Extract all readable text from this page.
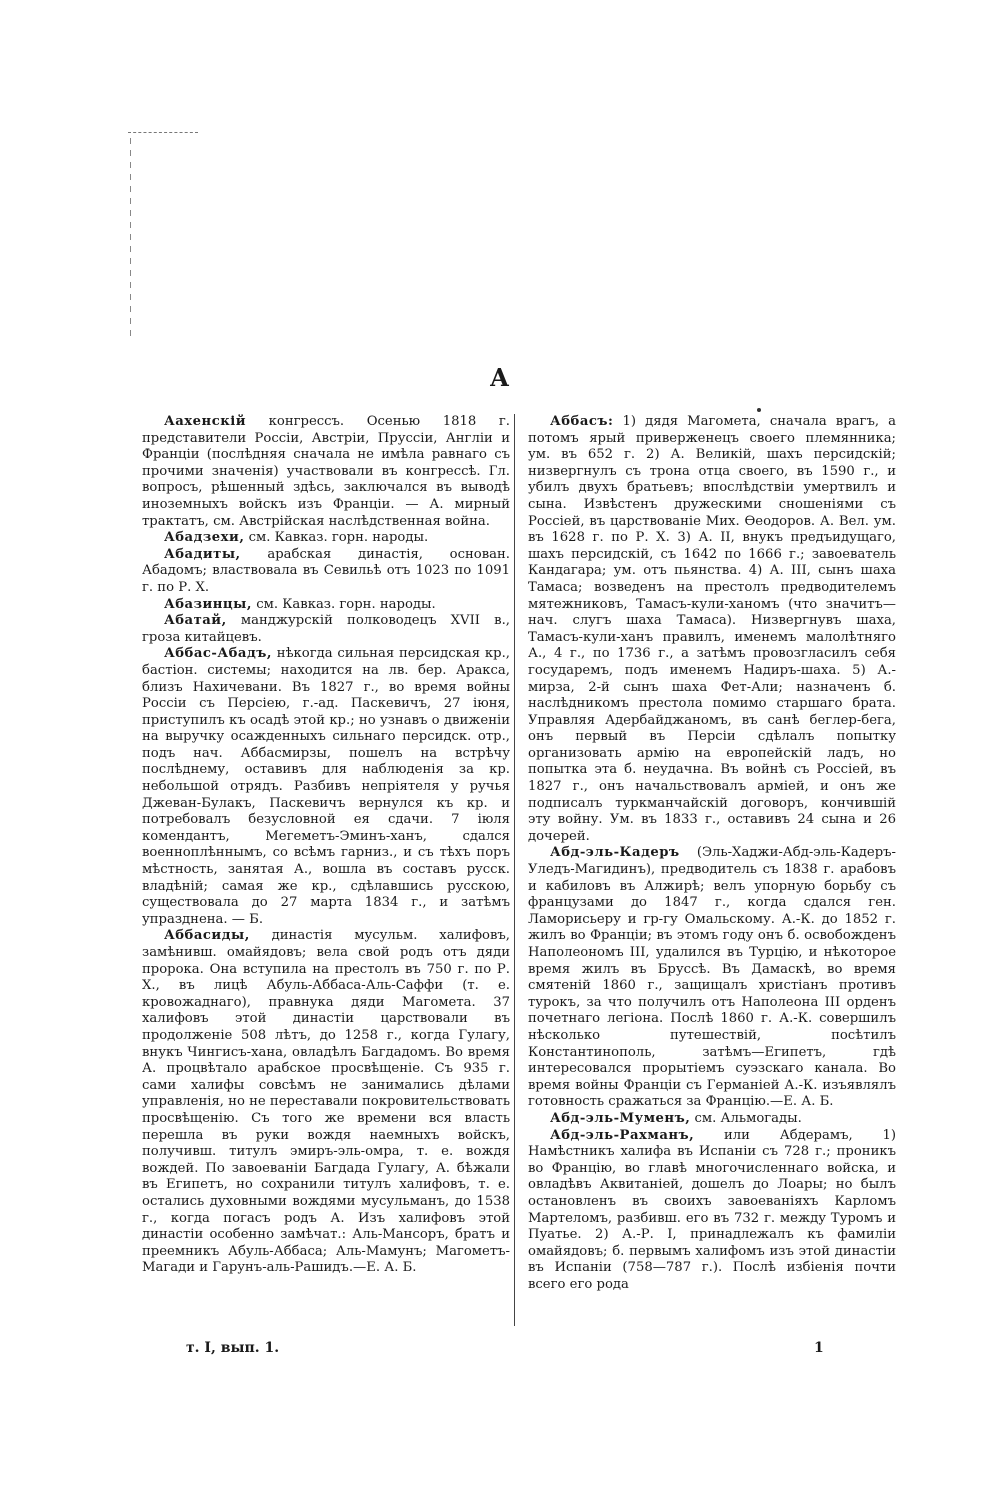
А

Аахенскій конгрессъ. Осенью 1818 г. представители Россіи, Австріи, Пруссіи, Англіи и Франціи (послѣдняя сначала не имѣла равнаго съ прочими значенія) участвовали въ конгрессѣ. Гл. вопросъ, рѣшенный здѣсь, заключался въ выводѣ иноземныхъ войскъ изъ Франціи. — А. мирный трактатъ, см. Австрійская наслѣдственная война.

Абадзехи, см. Кавказ. горн. народы.

Абадиты, арабская династія, основан. Абадомъ; властвовала въ Севильѣ отъ 1023 по 1091 г. по Р. Х.

Абазинцы, см. Кавказ. горн. народы.

Абатай, манджурскій полководецъ XVII в., гроза китайцевъ.

Аббас-Абадъ, нѣкогда сильная персидская кр., бастіон. системы; находится на лв. бер. Аракса, близъ Нахичевани. Въ 1827 г., во время войны Россіи съ Персіею, г.-ад. Паскевичъ, 27 іюня, приступилъ къ осадѣ этой кр.; но узнавъ о движеніи на выручку осажденныхъ сильнаго персидск. отр., подъ нач. Аббасмирзы, пошелъ на встрѣчу послѣднему, оставивъ для наблюденія за кр. небольшой отрядъ. Разбивъ непріятеля у ручья Джеван-Булакъ, Паскевичъ вернулся къ кр. и потребовалъ безусловной ея сдачи. 7 іюля комендантъ, Мегеметъ-Эминъ-ханъ, сдался военноплѣннымъ, со всѣмъ гарниз., и съ тѣхъ поръ мѣстность, занятая А., вошла въ составъ русск. владѣній; самая же кр., сдѣлавшись русскою, существовала до 27 марта 1834 г., и затѣмъ упразднена. — Б.

Аббасиды, династія мусульм. халифовъ, замѣнивш. омайядовъ; вела свой родъ отъ дяди пророка. Она вступила на престолъ въ 750 г. по Р. Х., въ лицѣ Абуль-Аббаса-Аль-Саффи (т. е. кровожаднаго), правнука дяди Магомета. 37 халифовъ этой династіи царствовали въ продолженіе 508 лѣтъ, до 1258 г., когда Гулагу, внукъ Чингисъ-хана, овладѣлъ Багдадомъ. Во время А. процвѣтало арабское просвѣщеніе. Съ 935 г. сами халифы совсѣмъ не занимались дѣлами управленія, но не переставали покровительствовать просвѣщенію. Съ того же времени вся власть перешла въ руки вождя наемныхъ войскъ, получивш. титулъ эмиръ-эль-омра, т. е. вождя вождей. По завоеваніи Багдада Гулагу, А. бѣжали въ Египетъ, но сохранили титулъ халифовъ, т. е. остались духовными вождями мусульманъ, до 1538 г., когда погасъ родъ А. Изъ халифовъ этой династіи особенно замѣчат.: Аль-Мансоръ, братъ и преемникъ Абуль-Аббаса; Аль-Мамунъ; Магометъ-Магади и Гарунъ-аль-Рашидъ.—Е. А. Б.

Аббасъ: 1) дядя Магомета, сначала врагъ, а потомъ ярый приверженецъ своего племянника; ум. въ 652 г. 2) А. Великій, шахъ персидскій; низвергнулъ съ трона отца своего, въ 1590 г., и убилъ двухъ братьевъ; впослѣдствіи умертвилъ и сына. Извѣстенъ дружескими сношеніями съ Россіей, въ царствованіе Мих. Ѳеодоров. А. Вел. ум. въ 1628 г. по Р. Х. 3) А. II, внукъ предъидущаго, шахъ персидскій, съ 1642 по 1666 г.; завоеватель Кандагара; ум. отъ пьянства. 4) А. III, сынъ шаха Тамаса; возведенъ на престолъ предводителемъ мятежниковъ, Тамасъ-кули-ханомъ (что значитъ—нач. слугъ шаха Тамаса). Низвергнувъ шаха, Тамасъ-кули-ханъ правилъ, именемъ малолѣтняго А., 4 г., по 1736 г., а затѣмъ провозгласилъ себя государемъ, подъ именемъ Надиръ-шаха. 5) А.-мирза, 2-й сынъ шаха Фет-Али; назначенъ б. наслѣдникомъ престола помимо старшаго брата. Управляя Адербайджаномъ, въ санѣ беглер-бега, онъ первый въ Персіи сдѣлалъ попытку организовать армію на европейскій ладъ, но попытка эта б. неудачна. Въ войнѣ съ Россіей, въ 1827 г., онъ начальствовалъ арміей, и онъ же подписалъ туркманчайскій договоръ, кончившій эту войну. Ум. въ 1833 г., оставивъ 24 сына и 26 дочерей.

Абд-эль-Кадеръ (Эль-Хаджи-Абд-эль-Кадеръ-Уледъ-Магидинъ), предводитель съ 1838 г. арабовъ и кабиловъ въ Алжирѣ; велъ упорную борьбу съ французами до 1847 г., когда сдался ген. Ламорисьеру и гр-гу Омальскому. А.-К. до 1852 г. жилъ во Франціи; въ этомъ году онъ б. освобожденъ Наполеономъ III, удалился въ Турцію, и нѣкоторое время жилъ въ Бруссѣ. Въ Дамаскѣ, во время смятеній 1860 г., защищалъ христіанъ противъ турокъ, за что получилъ отъ Наполеона III орденъ почетнаго легіона. Послѣ 1860 г. А.-К. совершилъ нѣсколько путешествій, посѣтилъ Константинополь, затѣмъ—Египетъ, гдѣ интересовался прорытіемъ суэзскаго канала. Во время войны Франціи съ Германіей А.-К. изъявлялъ готовность сражаться за Францію.—Е. А. Б.

Абд-эль-Муменъ, см. Альмогады.

Абд-эль-Рахманъ, или Абдерамъ, 1) Намѣстникъ халифа въ Испаніи съ 728 г.; проникъ во Францію, во главѣ многочисленнаго войска, и овладѣвъ Аквитаніей, дошелъ до Лоары; но былъ остановленъ въ своихъ завоеваніяхъ Карломъ Мартеломъ, разбивш. его въ 732 г. между Туромъ и Пуатье. 2) А.-Р. I, принадлежалъ къ фамиліи омайядовъ; б. первымъ халифомъ изъ этой династіи въ Испаніи (758—787 г.). Послѣ избіенія почти всего его рода

т. I, вып. 1.	1
